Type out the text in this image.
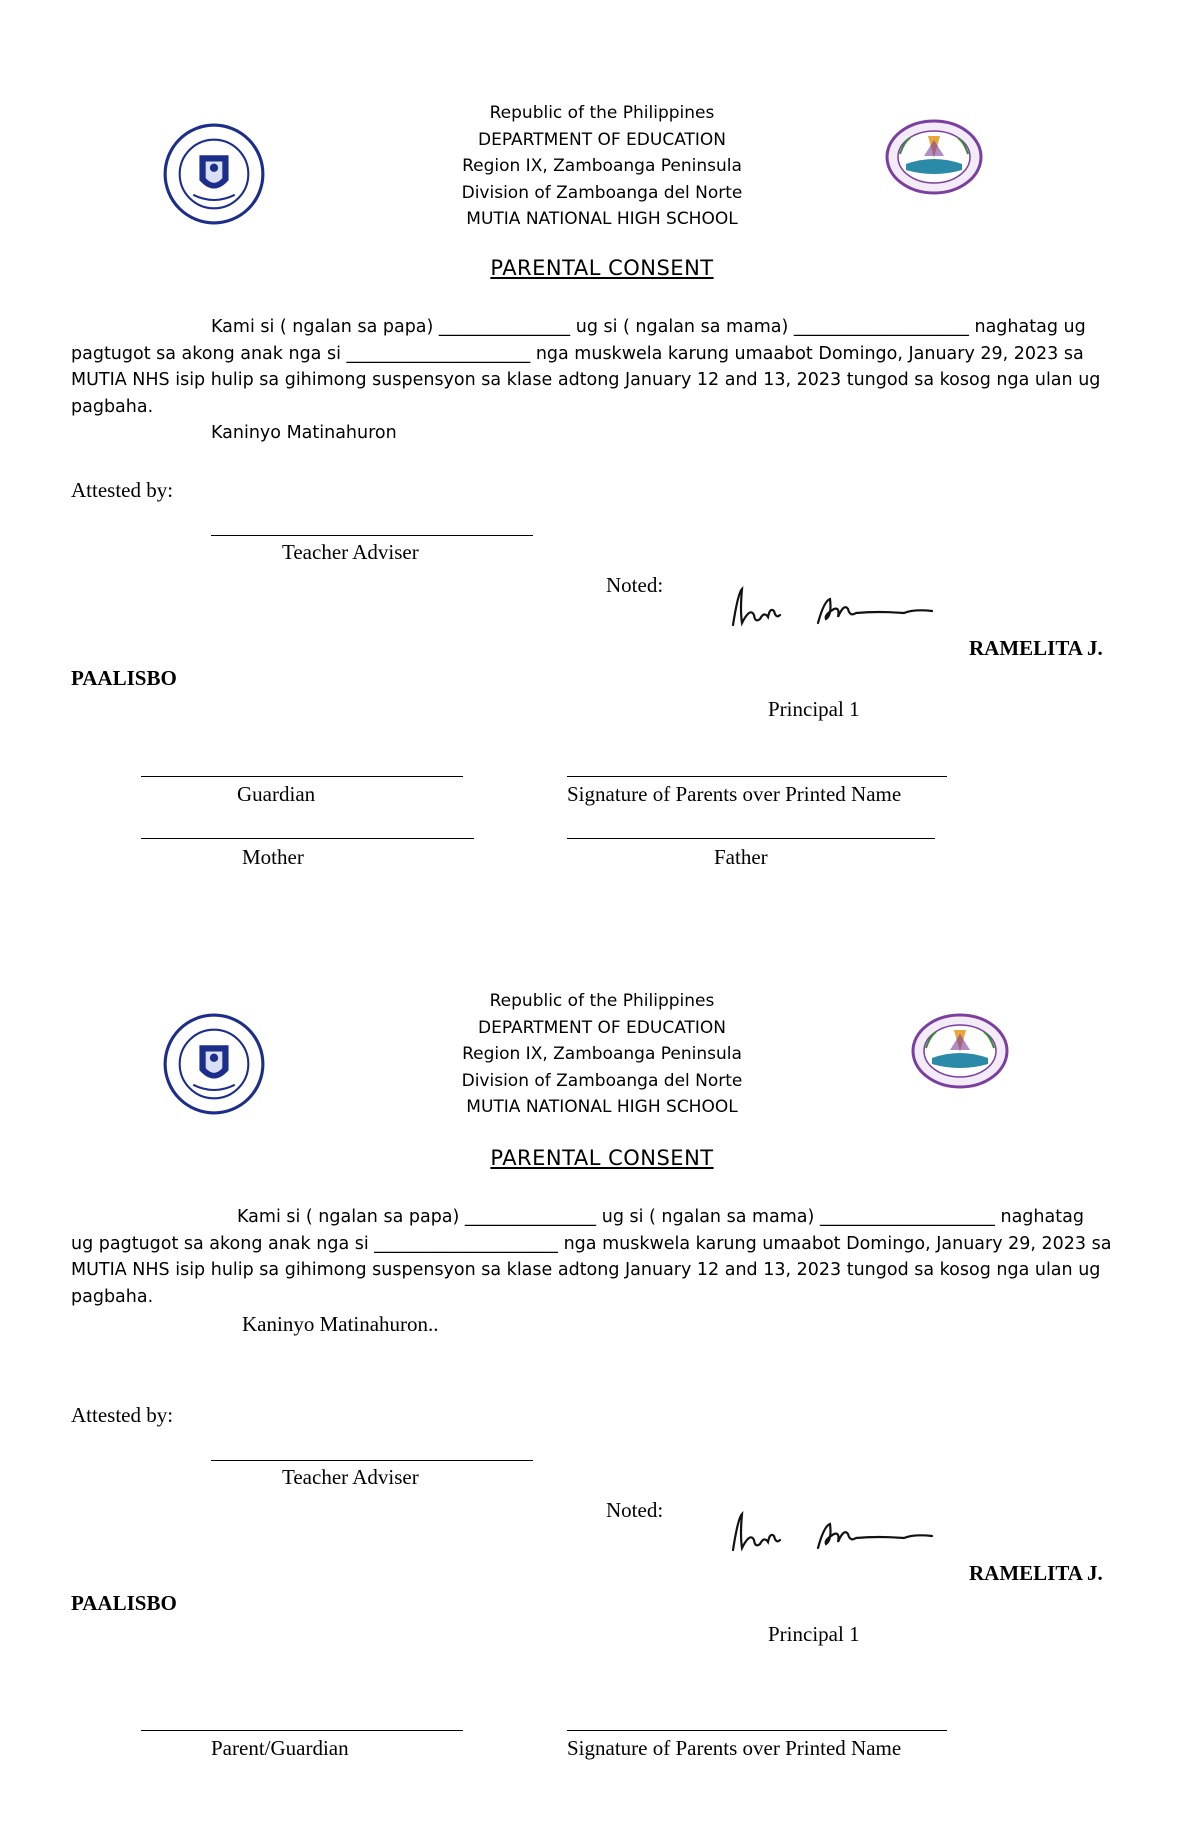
Republic of the Philippines
DEPARTMENT OF EDUCATION
Region IX, Zamboanga Peninsula
Division of Zamboanga del Norte
MUTIA NATIONAL HIGH SCHOOL
PARENTAL CONSENT
Kami si ( ngalan sa papa) _______________ ug si ( ngalan sa mama) ____________________ naghatag ug
pagtugot sa akong anak nga si _____________________ nga muskwela karung umaabot Domingo, January 29, 2023 sa
MUTIA NHS isip hulip sa gihimong suspensyon sa klase adtong January 12 and 13, 2023 tungod sa kosog nga ulan ug
pagbaha.
Kaninyo Matinahuron
Attested by:
Teacher Adviser
Noted:
RAMELITA J.
PAALISBO
Principal 1
Guardian	Signature of Parents over Printed Name
Mother	Father
Republic of the Philippines
DEPARTMENT OF EDUCATION
Region IX, Zamboanga Peninsula
Division of Zamboanga del Norte
MUTIA NATIONAL HIGH SCHOOL
PARENTAL CONSENT
Kami si ( ngalan sa papa) _______________ ug si ( ngalan sa mama) ____________________ naghatag
ug pagtugot sa akong anak nga si _____________________ nga muskwela karung umaabot Domingo, January 29, 2023 sa
MUTIA NHS isip hulip sa gihimong suspensyon sa klase adtong January 12 and 13, 2023 tungod sa kosog nga ulan ug
pagbaha.
Kaninyo Matinahuron..
Attested by:
Teacher Adviser
Noted:
RAMELITA J.
PAALISBO
Principal 1
Parent/Guardian	Signature of Parents over Printed Name
